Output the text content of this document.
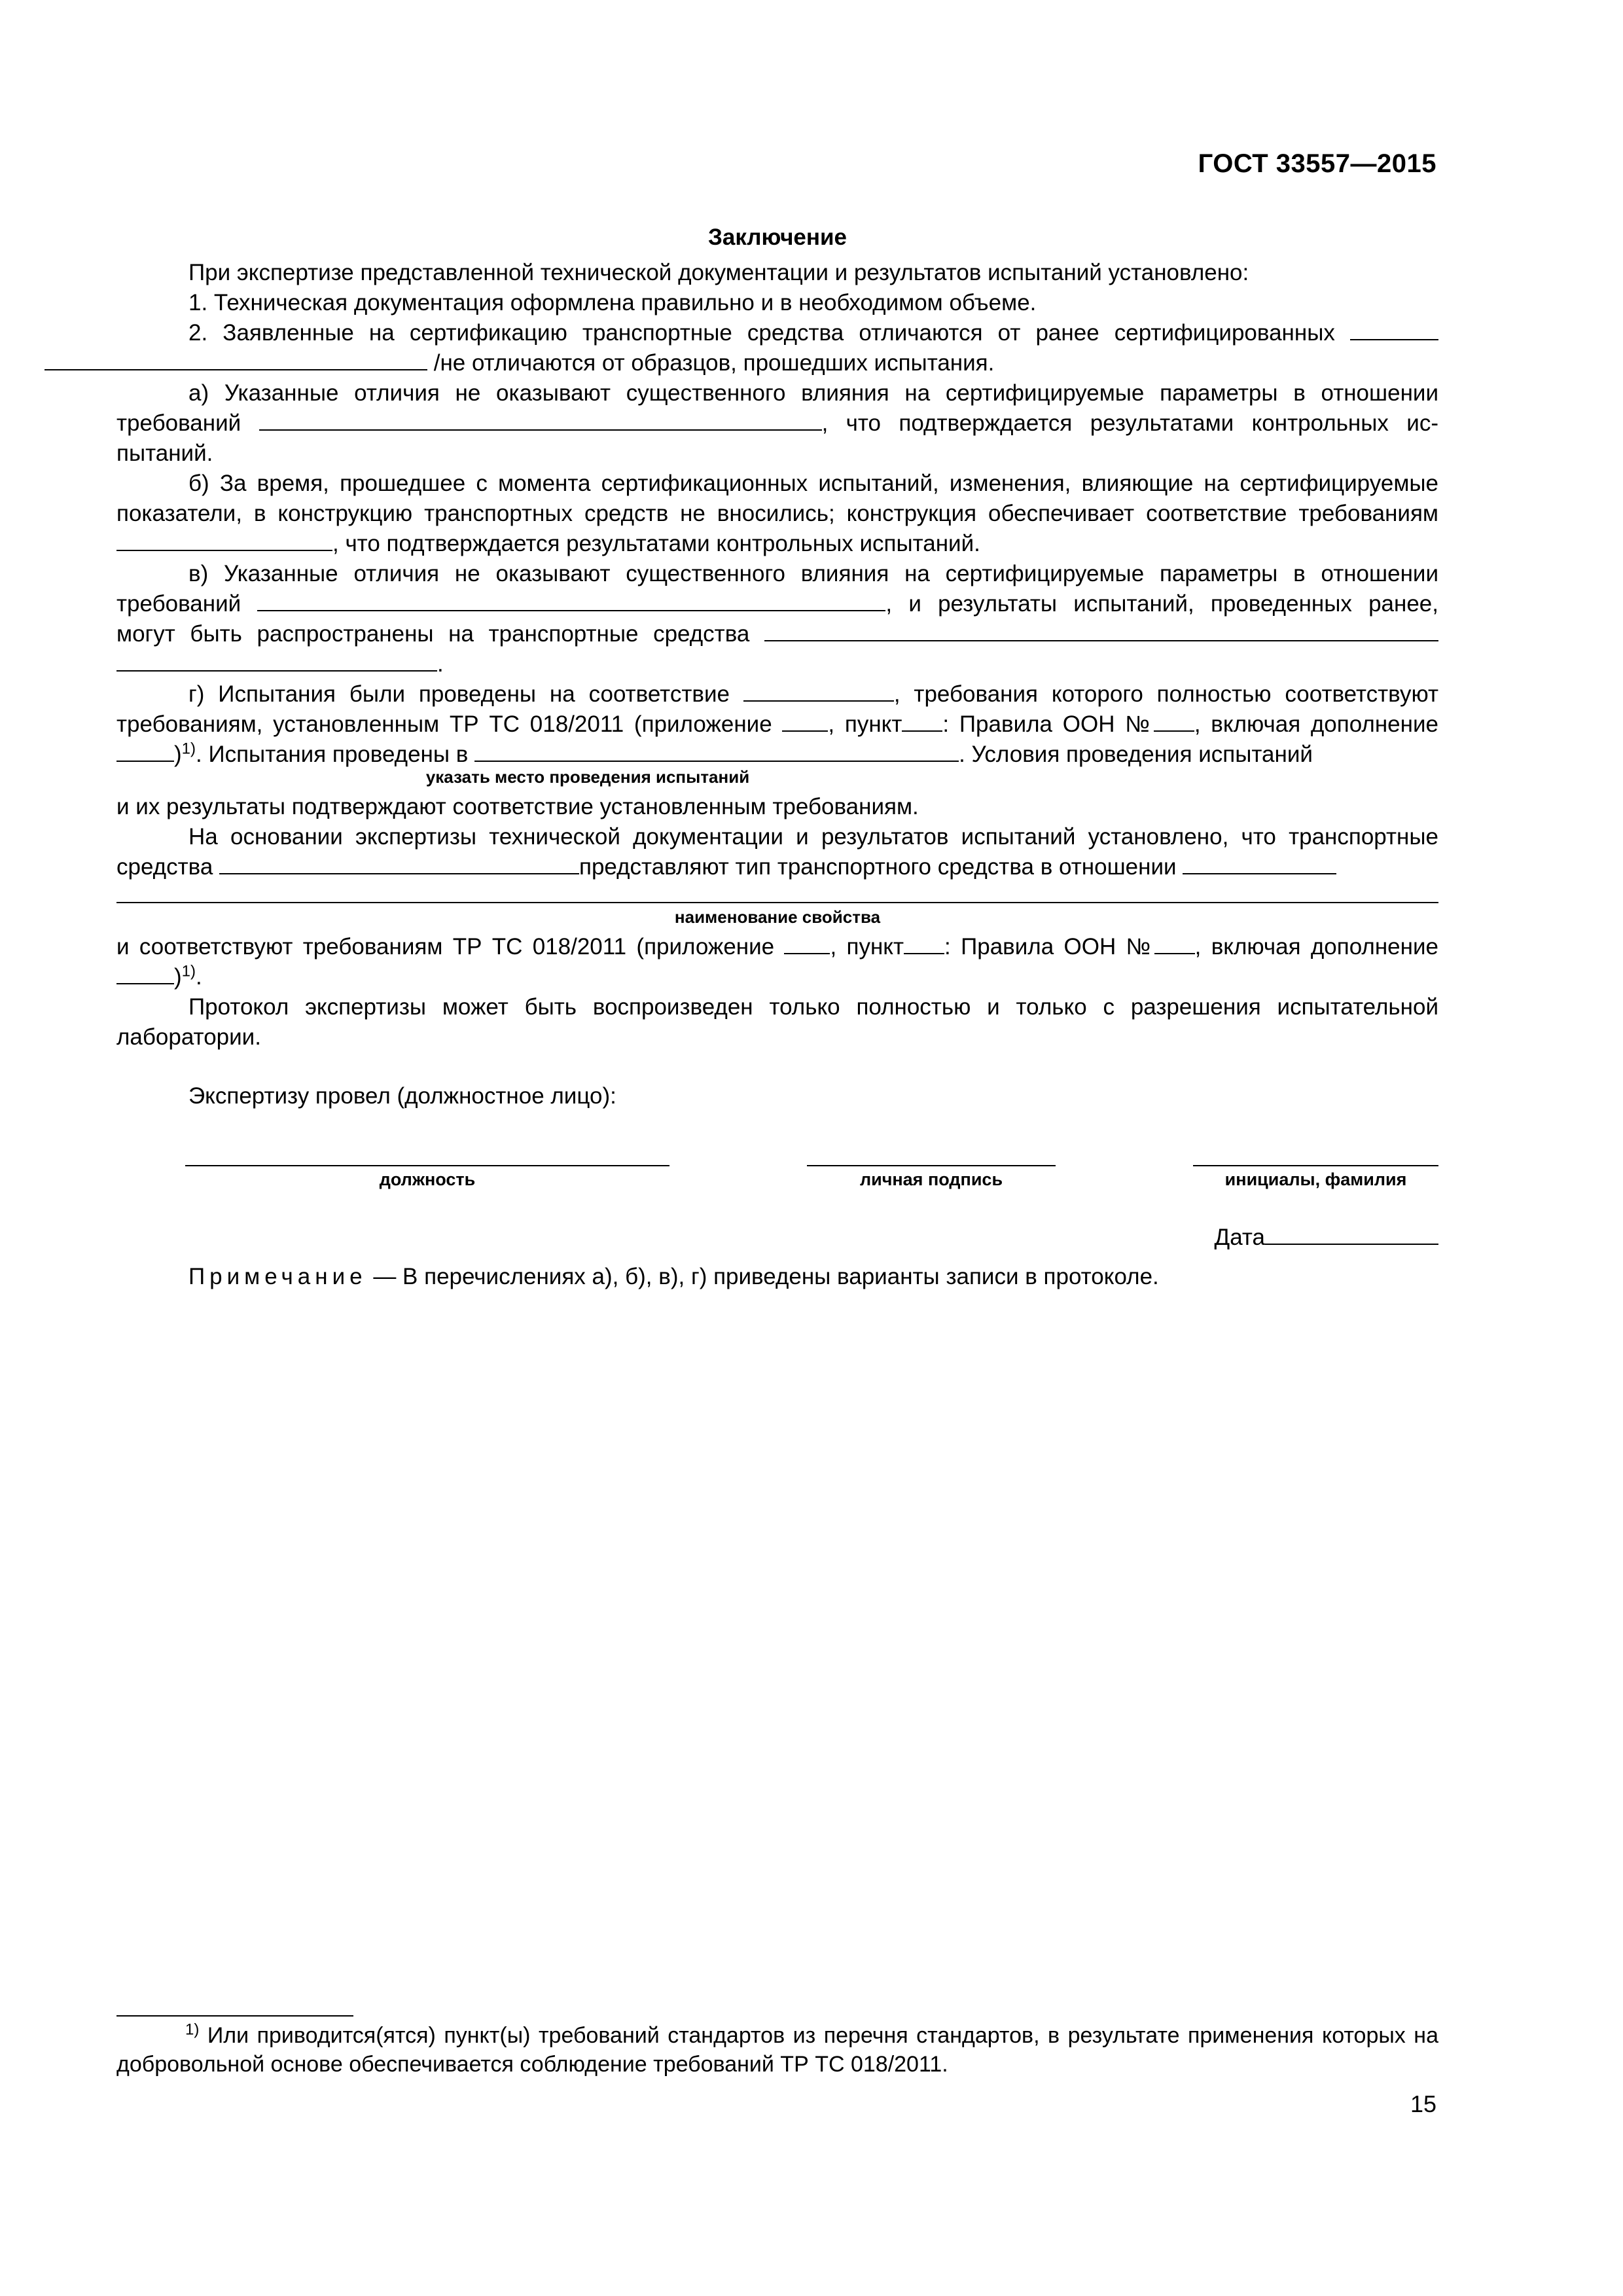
ГОСТ 33557—2015
Заключение
При экспертизе представленной технической документации и результатов испытаний установлено:
1. Техническая документация оформлена правильно и в необходимом объеме.
2. Заявленные на сертификацию транспортные средства отличаются от ранее сертифицированных   /не отличаются от образцов, прошедших испытания.
а) Указанные отличия не оказывают существенного влияния на сертифицируемые параметры в отношении требований	, что подтверждается результатами контрольных испытаний.
б) За время, прошедшее с момента сертификационных испытаний, изменения, влияющие на сертифицируемые показатели, в конструкцию транспортных средств не вносились; конструкция обеспечивает соответствие требованиям , что подтверждается результатами контрольных испытаний.
в) Указанные отличия не оказывают существенного влияния на сертифицируемые параметры в отношении требований	, и результаты испытаний, проведенных ранее, могут быть распространены на транспортные средства  .
г) Испытания были проведены на соответствие	, требования которого полностью соответствуют требованиям, установленным ТР ТС 018/2011 (приложение , пункт : Правила ООН № , включая дополнение )$^{1)}$. Испытания проведены в	. Условия проведения испытаний
указать место проведения испытаний
и их результаты подтверждают соответствие установленным требованиям.
На основании экспертизы технической документации и результатов испытаний установлено, что транспортные средства	представляют тип транспортного средства в отношении
наименование свойства
и соответствуют требованиям ТР ТС 018/2011 (приложение , пункт : Правила ООН № , включая дополнение )$^{1)}$.
Протокол экспертизы может быть воспроизведен только полностью и только с разрешения испытательной лаборатории.
Экспертизу провел (должностное лицо):
должность	личная подпись	инициалы, фамилия
Дата
Примечание — В перечислениях а), б), в), г) приведены варианты записи в протоколе.
$^{1)}$ Или приводится(ятся) пункт(ы) требований стандартов из перечня стандартов, в результате применения которых на добровольной основе обеспечивается соблюдение требований ТР ТС 018/2011.
15
